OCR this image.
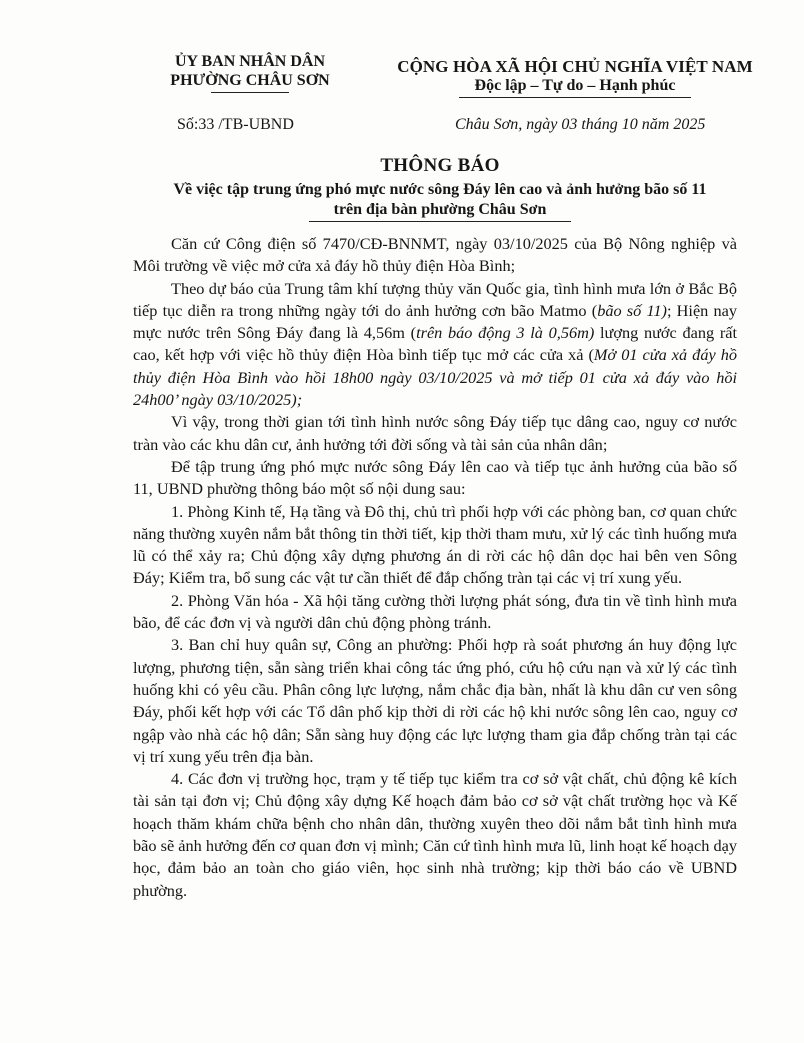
ỦY BAN NHÂN DÂN
PHƯỜNG CHÂU SƠN
CỘNG HÒA XÃ HỘI CHỦ NGHĨA VIỆT NAM
Độc lập – Tự do – Hạnh phúc
Số:33 /TB-UBND	Châu Sơn, ngày 03 tháng 10 năm 2025
THÔNG BÁO
Về việc tập trung ứng phó mực nước sông Đáy lên cao và ảnh hưởng bão số 11
trên địa bàn phường Châu Sơn

Căn cứ Công điện số 7470/CĐ-BNNMT, ngày 03/10/2025 của Bộ Nông nghiệp và Môi trường về việc mở cửa xả đáy hồ thủy điện Hòa Bình;

Theo dự báo của Trung tâm khí tượng thủy văn Quốc gia, tình hình mưa lớn ở Bắc Bộ tiếp tục diễn ra trong những ngày tới do ảnh hưởng cơn bão Matmo (bão số 11); Hiện nay mực nước trên Sông Đáy đang là 4,56m (trên báo động 3 là 0,56m) lượng nước đang rất cao, kết hợp với việc hồ thủy điện Hòa bình tiếp tục mở các cửa xả (Mở 01 cửa xả đáy hồ thủy điện Hòa Bình vào hồi 18h00 ngày 03/10/2025 và mở tiếp 01 cửa xả đáy vào hồi 24h00’ ngày 03/10/2025);

Vì vậy, trong thời gian tới tình hình nước sông Đáy tiếp tục dâng cao, nguy cơ nước tràn vào các khu dân cư, ảnh hưởng tới đời sống và tài sản của nhân dân;

Để tập trung ứng phó mực nước sông Đáy lên cao và tiếp tục ảnh hưởng của bão số 11, UBND phường thông báo một số nội dung sau:

1. Phòng Kinh tế, Hạ tầng và Đô thị, chủ trì phối hợp với các phòng ban, cơ quan chức năng thường xuyên nắm bắt thông tin thời tiết, kịp thời tham mưu, xử lý các tình huống mưa lũ có thể xảy ra; Chủ động xây dựng phương án di rời các hộ dân dọc hai bên ven Sông Đáy; Kiểm tra, bổ sung các vật tư cần thiết để đắp chống tràn tại các vị trí xung yếu.

2. Phòng Văn hóa - Xã hội tăng cường thời lượng phát sóng, đưa tin về tình hình mưa bão, để các đơn vị và người dân chủ động phòng tránh.

3. Ban chỉ huy quân sự, Công an phường: Phối hợp rà soát phương án huy động lực lượng, phương tiện, sẵn sàng triển khai công tác ứng phó, cứu hộ cứu nạn và xử lý các tình huống khi có yêu cầu. Phân công lực lượng, nắm chắc địa bàn, nhất là khu dân cư ven sông Đáy, phối kết hợp với các Tổ dân phố kịp thời di rời các hộ khi nước sông lên cao, nguy cơ ngập vào nhà các hộ dân; Sẵn sàng huy động các lực lượng tham gia đắp chống tràn tại các vị trí xung yếu trên địa bàn.

4. Các đơn vị trường học, trạm y tế tiếp tục kiểm tra cơ sở vật chất, chủ động kê kích tài sản tại đơn vị; Chủ động xây dựng Kế hoạch đảm bảo cơ sở vật chất trường học và Kế hoạch thăm khám chữa bệnh cho nhân dân, thường xuyên theo dõi nắm bắt tình hình mưa bão sẽ ảnh hưởng đến cơ quan đơn vị mình; Căn cứ tình hình mưa lũ, linh hoạt kế hoạch dạy học, đảm bảo an toàn cho giáo viên, học sinh nhà trường; kịp thời báo cáo về UBND phường.
